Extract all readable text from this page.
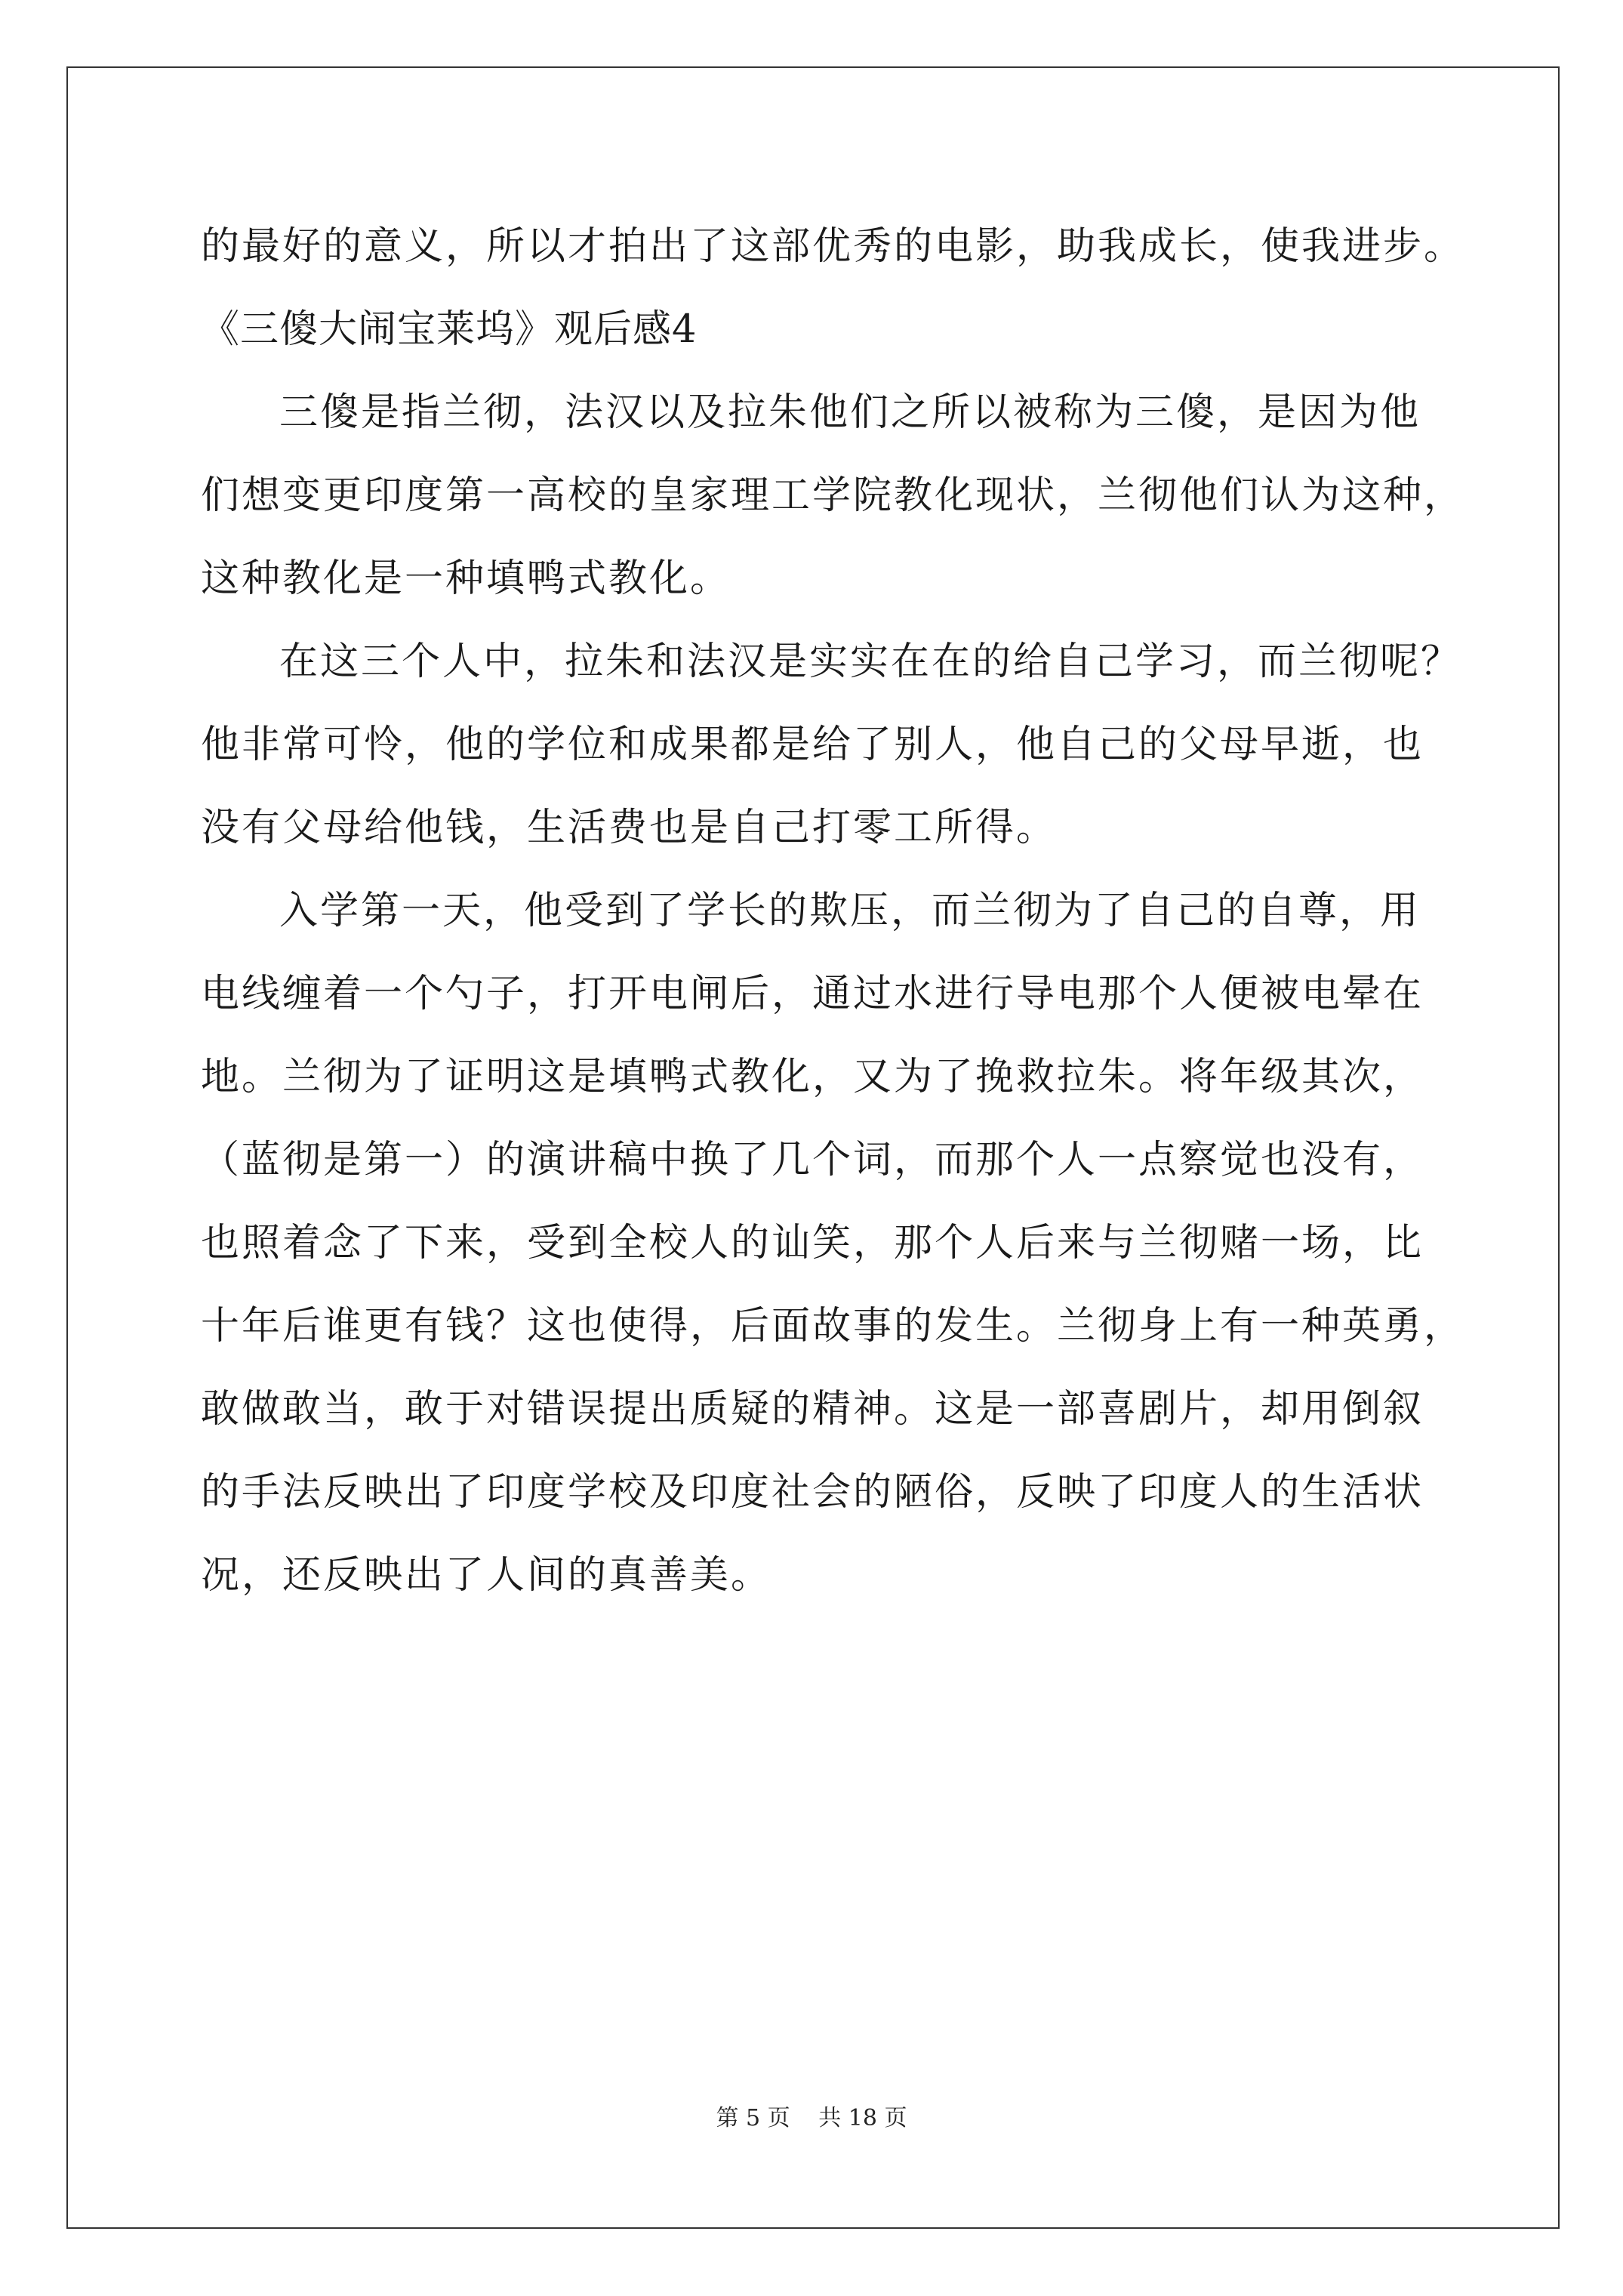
的最好的意义，所以才拍出了这部优秀的电影，助我成长，使我进步。
《三傻大闹宝莱坞》观后感4
三傻是指兰彻，法汉以及拉朱他们之所以被称为三傻，是因为他
们想变更印度第一高校的皇家理工学院教化现状，兰彻他们认为这种，
这种教化是一种填鸭式教化。
在这三个人中，拉朱和法汉是实实在在的给自己学习，而兰彻呢？
他非常可怜，他的学位和成果都是给了别人，他自己的父母早逝，也
没有父母给他钱，生活费也是自己打零工所得。
入学第一天，他受到了学长的欺压，而兰彻为了自己的自尊，用
电线缠着一个勺子，打开电闸后，通过水进行导电那个人便被电晕在
地。兰彻为了证明这是填鸭式教化，又为了挽救拉朱。将年级其次，
（蓝彻是第一）的演讲稿中换了几个词，而那个人一点察觉也没有，
也照着念了下来，受到全校人的讪笑，那个人后来与兰彻赌一场，比
十年后谁更有钱？这也使得，后面故事的发生。兰彻身上有一种英勇，
敢做敢当，敢于对错误提出质疑的精神。这是一部喜剧片，却用倒叙
的手法反映出了印度学校及印度社会的陋俗，反映了印度人的生活状
况，还反映出了人间的真善美。
第 5 页 共 18 页
